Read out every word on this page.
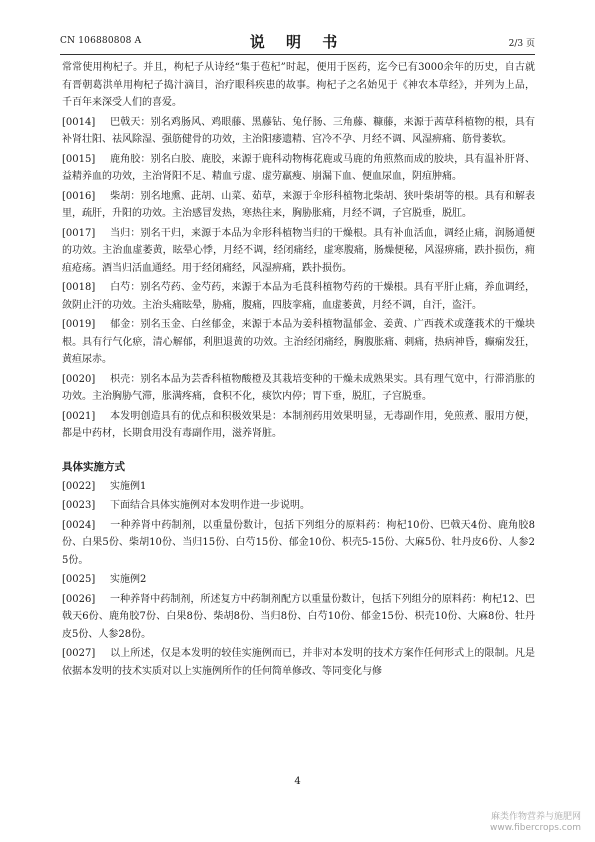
CN 106880808 A	说 明 书	2/3 页

常常使用枸杞子。并且，枸杞子从诗经“集于苞杞”时起，便用于医药，迄今已有3000余年的历史，自古就有晋朝葛洪单用枸杞子捣汁滴目，治疗眼科疾患的故事。枸杞子之名始见于《神农本草经》，并列为上品，千百年来深受人们的喜爱。

[0014] 巴戟天：别名鸡肠风、鸡眼藤、黑藤钻、兔仔肠、三角藤、糠藤，来源于茜草科植物的根，具有补肾壮阳、祛风除湿、强筋健骨的功效，主治阳痿遗精、宫冷不孕、月经不调、风湿痹痛、筋骨萎软。

[0015] 鹿角胶：别名白胶、鹿胶，来源于鹿科动物梅花鹿或马鹿的角煎熬而成的胶块，具有温补肝肾、益精养血的功效，主治肾阳不足、精血亏虚、虚劳羸瘦、崩漏下血、便血尿血，阴疽肿痛。

[0016] 柴胡：别名地熏、茈胡、山菜、茹草，来源于伞形科植物北柴胡、狭叶柴胡等的根。具有和解表里，疏肝，升阳的功效。主治感冒发热，寒热往来，胸胁胀痛，月经不调，子宫脱垂，脱肛。

[0017] 当归：别名干归，来源于本品为伞形科植物当归的干燥根。具有补血活血，调经止痛，润肠通便的功效。主治血虚萎黄，眩晕心悸，月经不调，经闭痛经，虚寒腹痛，肠燥便秘，风湿痹痛，跌扑损伤，痈疽疮疡。酒当归活血通经。用于经闭痛经，风湿痹痛，跌扑损伤。

[0018] 白芍：别名芍药、金芍药，来源于本品为毛茛科植物芍药的干燥根。具有平肝止痛，养血调经，敛阴止汗的功效。主治头痛眩晕，胁痛，腹痛，四肢挛痛，血虚萎黄，月经不调，自汗，盗汗。

[0019] 郁金：别名玉金、白丝郁金，来源于本品为姜科植物温郁金、姜黄、广西莪术或蓬莪术的干燥块根。具有行气化瘀，清心解郁，利胆退黄的功效。主治经闭痛经，胸腹胀痛、刺痛，热病神昏，癫痫发狂，黄疸尿赤。

[0020] 枳壳：别名本品为芸香科植物酸橙及其栽培变种的干燥未成熟果实。具有理气宽中，行滞消胀的功效。主治胸胁气滞，胀满疼痛，食积不化，痰饮内停；胃下垂，脱肛，子宫脱垂。

[0021] 本发明创造具有的优点和积极效果是：本制剂药用效果明显，无毒副作用，免煎煮、服用方便，都是中药材，长期食用没有毒副作用，滋养肾脏。

具体实施方式

[0022] 实施例1

[0023] 下面结合具体实施例对本发明作进一步说明。

[0024] 一种养肾中药制剂，以重量份数计，包括下列组分的原料药：枸杞10份、巴戟天4份、鹿角胶8份、白果5份、柴胡10份、当归15份、白芍15份、郁金10份、枳壳5-15份、大麻5份、牡丹皮6份、人参25份。

[0025] 实施例2

[0026] 一种养肾中药制剂，所述复方中药制剂配方以重量份数计，包括下列组分的原料药：枸杞12、巴戟天6份、鹿角胶7份、白果8份、柴胡8份、当归8份、白芍10份、郁金15份、枳壳10份、大麻8份、牡丹皮5份、人参28份。

[0027] 以上所述，仅是本发明的较佳实施例而已，并非对本发明的技术方案作任何形式上的限制。凡是依据本发明的技术实质对以上实施例所作的任何简单修改、等同变化与修

4
麻类作物营养与施肥网
www.fibercrops.com
